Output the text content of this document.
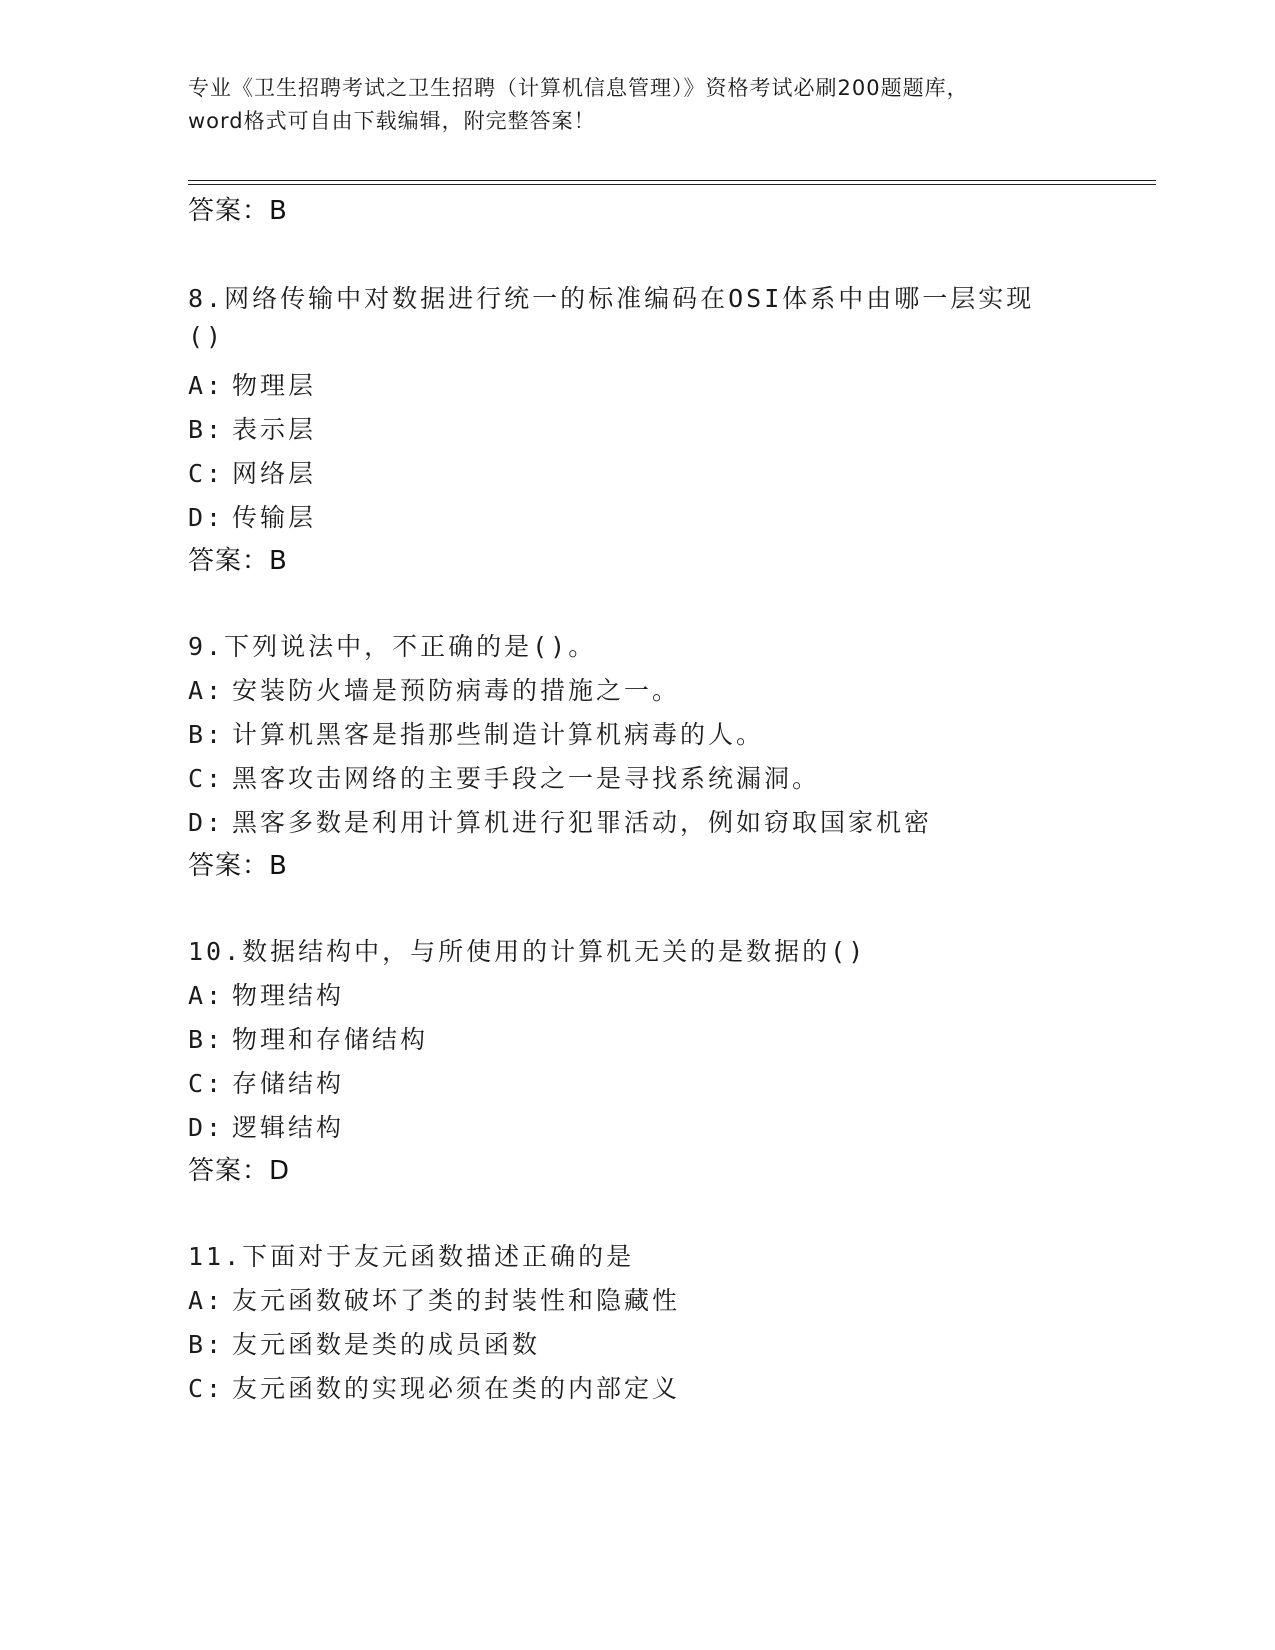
专业《卫生招聘考试之卫生招聘（计算机信息管理）》资格考试必刷200题题库，
word格式可自由下载编辑，附完整答案！
答案：B
8.网络传输中对数据进行统一的标准编码在OSI体系中由哪一层实现
()
A: 物理层
B: 表示层
C: 网络层
D: 传输层
答案：B
9.下列说法中，不正确的是()。
A: 安装防火墙是预防病毒的措施之一。
B: 计算机黑客是指那些制造计算机病毒的人。
C: 黑客攻击网络的主要手段之一是寻找系统漏洞。
D: 黑客多数是利用计算机进行犯罪活动，例如窃取国家机密
答案：B
10.数据结构中，与所使用的计算机无关的是数据的()
A: 物理结构
B: 物理和存储结构
C: 存储结构
D: 逻辑结构
答案：D
11.下面对于友元函数描述正确的是
A: 友元函数破坏了类的封装性和隐藏性
B: 友元函数是类的成员函数
C: 友元函数的实现必须在类的内部定义
